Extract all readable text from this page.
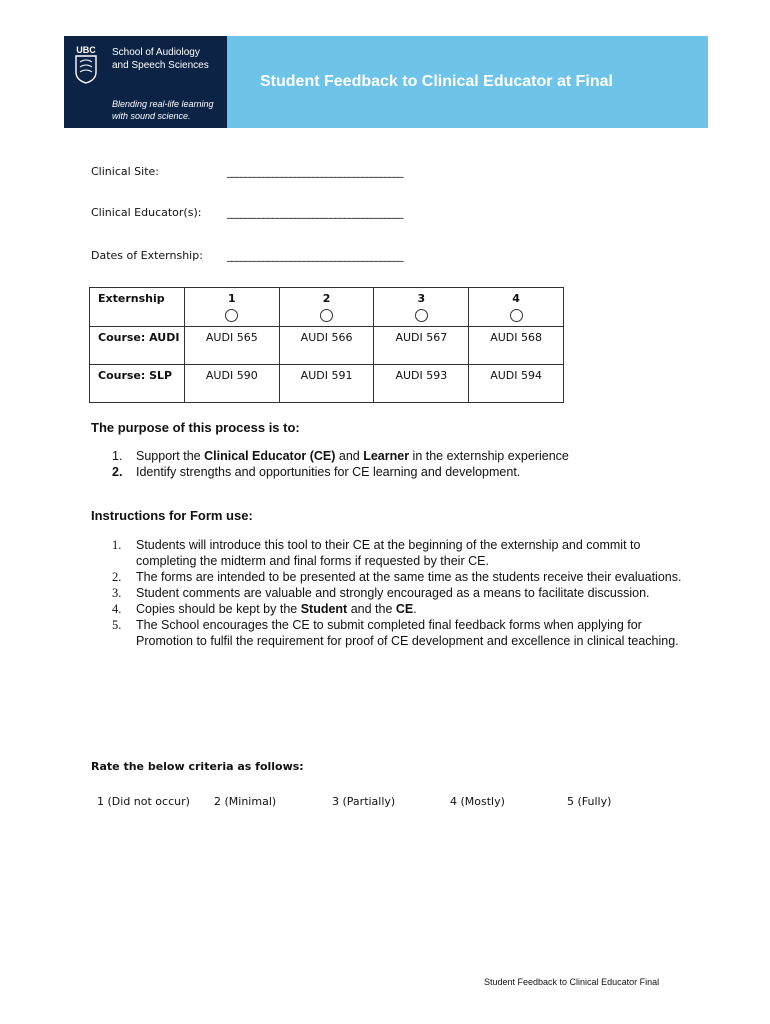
UBC School of Audiology
and Speech Sciences
Blending real-life learning
with sound science.
Student Feedback to Clinical Educator at Final
Clinical Site:	_______________________________________
Clinical Educator(s): _______________________________________
Dates of Externship: _______________________________________
Externship	1	2	3	4

Course: AUDI	AUDI 565	AUDI 566	AUDI 567	AUDI 568
Course: SLP	AUDI 590	AUDI 591	AUDI 593	AUDI 594
The purpose of this process is to:
1. Support the Clinical Educator (CE) and Learner in the externship experience
2. Identify strengths and opportunities for CE learning and development.
Instructions for Form use:
1. Students will introduce this tool to their CE at the beginning of the externship and commit to completing the midterm and final forms if requested by their CE.
2. The forms are intended to be presented at the same time as the students receive their evaluations.
3. Student comments are valuable and strongly encouraged as a means to facilitate discussion.
4. Copies should be kept by the Student and the CE.
5. The School encourages the CE to submit completed final feedback forms when applying for Promotion to fulfil the requirement for proof of CE development and excellence in clinical teaching.
Rate the below criteria as follows:
1 (Did not occur) 2 (Minimal)	3 (Partially)	4 (Mostly)	5 (Fully)
Student Feedback to Clinical Educator Final
